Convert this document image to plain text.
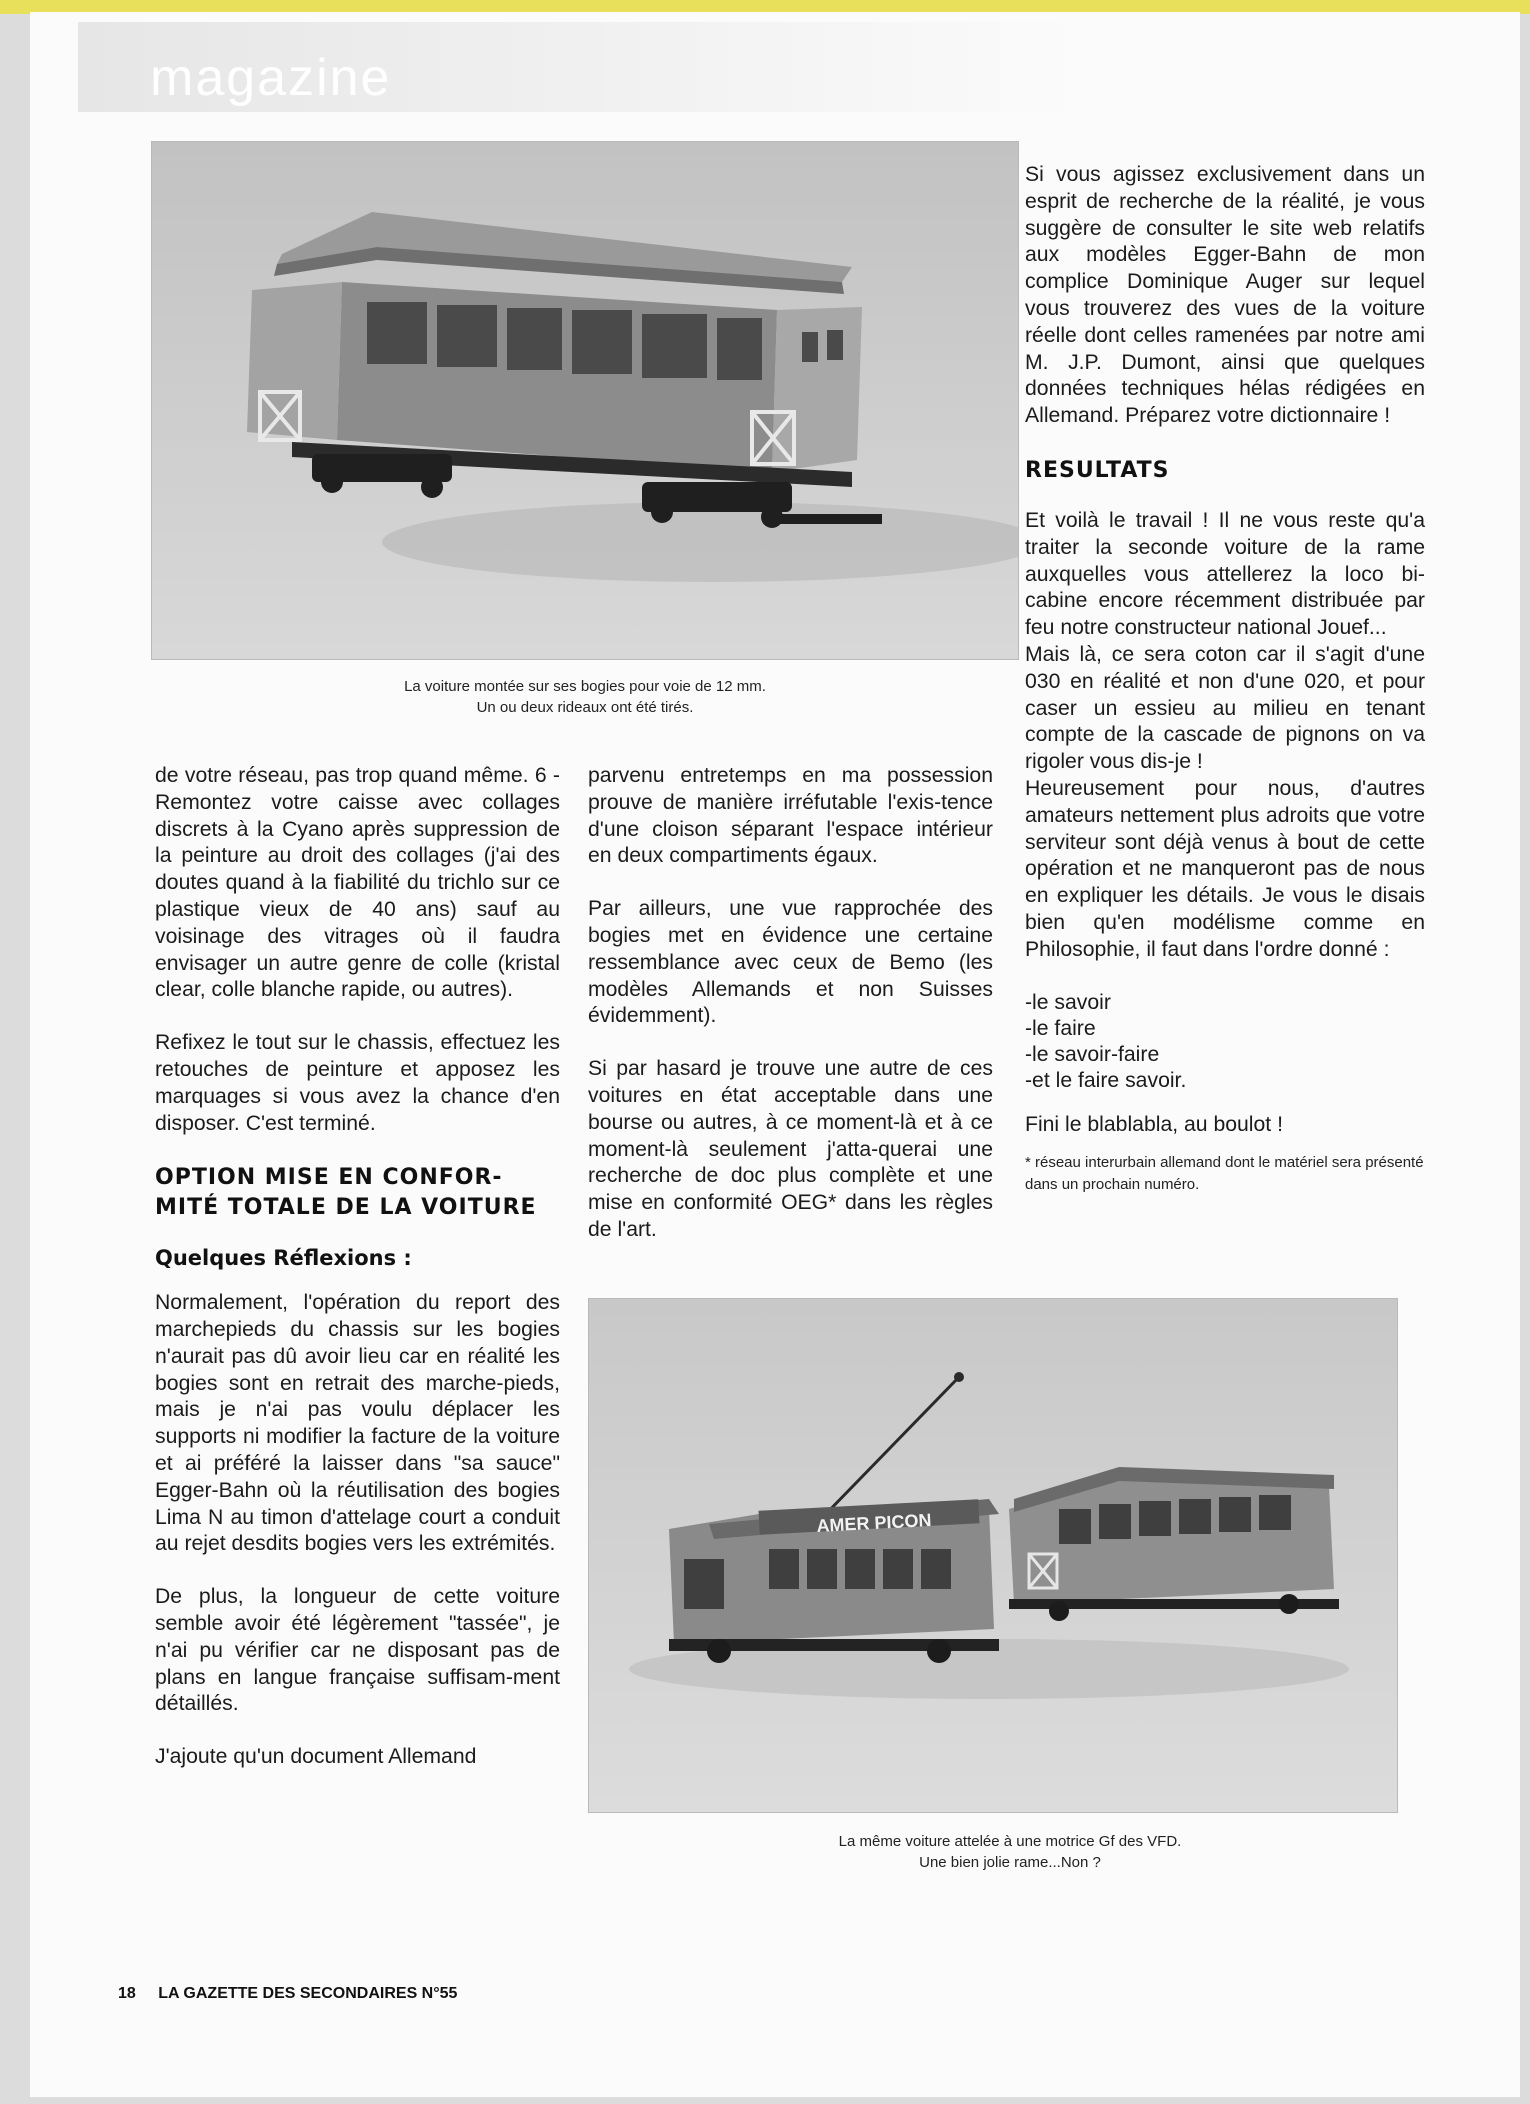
magazine
La voiture montée sur ses bogies pour voie de 12 mm.
Un ou deux rideaux ont été tirés.

de votre réseau, pas trop quand même. 6 - Remontez votre caisse avec collages discrets à la Cyano après suppression de la peinture au droit des collages (j'ai des doutes quand à la fiabilité du trichlo sur ce plastique vieux de 40 ans) sauf au voisinage des vitrages où il faudra envisager un autre genre de colle (kristal clear, colle blanche rapide, ou autres).

Refixez le tout sur le chassis, effectuez les retouches de peinture et apposez les marquages si vous avez la chance d'en disposer. C'est terminé.

OPTION MISE EN CONFOR-MITÉ TOTALE DE LA VOITURE
Quelques Réflexions :

Normalement, l'opération du report des marchepieds du chassis sur les bogies n'aurait pas dû avoir lieu car en réalité les bogies sont en retrait des marche-pieds, mais je n'ai pas voulu déplacer les supports ni modifier la facture de la voiture et ai préféré la laisser dans "sa sauce" Egger-Bahn où la réutilisation des bogies Lima N au timon d'attelage court a conduit au rejet desdits bogies vers les extrémités.

De plus, la longueur de cette voiture semble avoir été légèrement "tassée", je n'ai pu vérifier car ne disposant pas de plans en langue française suffisam-ment détaillés.

J'ajoute qu'un document Allemand

parvenu entretemps en ma possession prouve de manière irréfutable l'exis-tence d'une cloison séparant l'espace intérieur en deux compartiments égaux.

Par ailleurs, une vue rapprochée des bogies met en évidence une certaine ressemblance avec ceux de Bemo (les modèles Allemands et non Suisses évidemment).

Si par hasard je trouve une autre de ces voitures en état acceptable dans une bourse ou autres, à ce moment-là et à ce moment-là seulement j'atta-querai une recherche de doc plus complète et une mise en conformité OEG* dans les règles de l'art.

Si vous agissez exclusivement dans un esprit de recherche de la réalité, je vous suggère de consulter le site web relatifs aux modèles Egger-Bahn de mon complice Dominique Auger sur lequel vous trouverez des vues de la voiture réelle dont celles ramenées par notre ami M. J.P. Dumont, ainsi que quelques données techniques hélas rédigées en Allemand. Préparez votre dictionnaire !

RESULTATS

Et voilà le travail ! Il ne vous reste qu'a traiter la seconde voiture de la rame auxquelles vous attellerez la loco bi-cabine encore récemment distribuée par feu notre constructeur national Jouef...

Mais là, ce sera coton car il s'agit d'une 030 en réalité et non d'une 020, et pour caser un essieu au milieu en tenant compte de la cascade de pignons on va rigoler vous dis-je !

Heureusement pour nous, d'autres amateurs nettement plus adroits que votre serviteur sont déjà venus à bout de cette opération et ne manqueront pas de nous en expliquer les détails. Je vous le disais bien qu'en modélisme comme en Philosophie, il faut dans l'ordre donné :

-le savoir
-le faire
-le savoir-faire
-et le faire savoir.

Fini le blablabla, au boulot !

* réseau interurbain allemand dont le matériel sera présenté dans un prochain numéro.
AMER PICON
La même voiture attelée à une motrice Gf des VFD.
Une bien jolie rame...Non ?
18 LA GAZETTE DES SECONDAIRES N°55
